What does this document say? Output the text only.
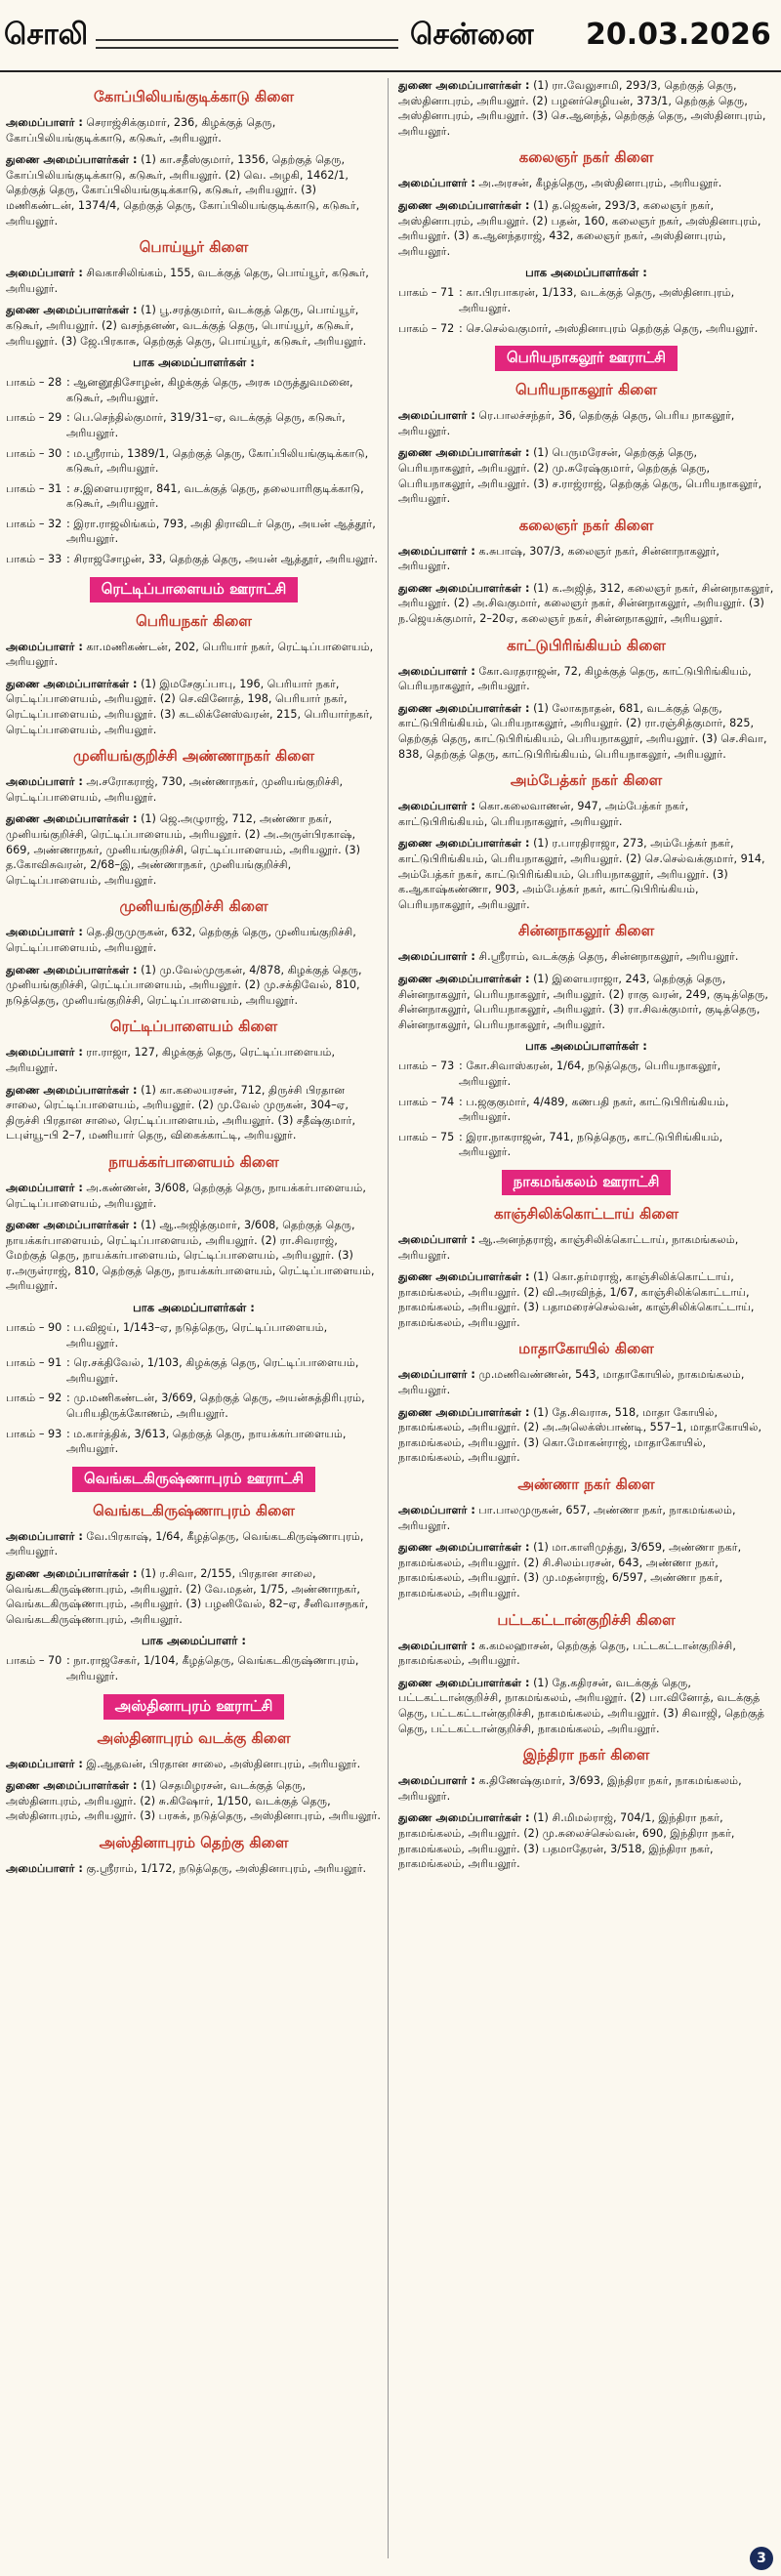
சொலி	சென்னை 20.03.2026
கோப்பிலியங்குடிக்காடு கிளை

அமைப்பாளர் : செராஜ்சிக்குமார், 236, கிழக்குத் தெரு, கோப்பிலியங்குடிக்காடு, கடுகூர், அரியலூர்.

துணை அமைப்பாளர்கள் : (1) கா.சதீஸ்குமார், 1356, தெற்குத் தெரு, கோப்பிலியங்குடிக்காடு, கடுகூர், அரியலூர். (2) வெ. அழகி, 1462/1, தெற்குத் தெரு, கோப்பிலியங்குடிக்காடு, கடுகூர், அரியலூர். (3) மணிகண்டன், 1374/4, தெற்குத் தெரு, கோப்பிலியங்குடிக்காடு, கடுகூர், அரியலூர்.

பொய்யூர் கிளை

அமைப்பாளர் : சிவகாசிலிங்கம், 155, வடக்குத் தெரு, பொய்யூர், கடுகூர், அரியலூர்.

துணை அமைப்பாளர்கள் : (1) பூ.சரத்குமார், வடக்குத் தெரு, பொய்யூர், கடுகூர், அரியலூர். (2) வசந்தனண், வடக்குத் தெரு, பொய்யூர், கடுகூர், அரியலூர். (3) ஜே.பிரகாசு, தெற்குத் தெரு, பொய்யூர், கடுகூர், அரியலூர்.

பாக அமைப்பாளர்கள் :
பாகம் – 28 : ஆனனூதிசோழன், கிழக்குத் தெரு, அரசு மருத்துவமனை, கடுகூர், அரியலூர்.
பாகம் – 29 : பெ.செந்தில்குமார், 319/31–ஏ, வடக்குத் தெரு, கடுகூர், அரியலூர்.
பாகம் – 30 : ம.ஸ்ரீராம், 1389/1, தெற்குத் தெரு, கோப்பிலியங்குடிக்காடு, கடுகூர், அரியலூர்.
பாகம் – 31 : ச.இளையராஜா, 841, வடக்குத் தெரு, தலையாரிகுடிக்காடு, கடுகூர், அரியலூர்.
பாகம் – 32 : இரா.ராஜலிங்கம், 793, அதி திராவிடர் தெரு, அயன் ஆத்தூர், அரியலூர்.
பாகம் – 33 : சிராஜசோழன், 33, தெற்குத் தெரு, அயன் ஆத்தூர், அரியலூர்.
ரெட்டிப்பாளையம் ஊராட்சி
பெரியநகர் கிளை

அமைப்பாளர் : கா.மணிகண்டன், 202, பெரியார் நகர், ரெட்டிப்பாளையம், அரியலூர்.

துணை அமைப்பாளர்கள் : (1) இமசேகுப்பாபு, 196, பெரியார் நகர், ரெட்டிப்பாளையம், அரியலூர். (2) செ.வினோத், 198, பெரியார் நகர், ரெட்டிப்பாளையம், அரியலூர். (3) கடலிக்னேஸ்வரன், 215, பெரியார்நகர், ரெட்டிப்பாளையம், அரியலூர்.

முனியங்குறிச்சி அண்ணாநகர் கிளை

அமைப்பாளர் : அ.சரோகராஜ், 730, அண்ணாநகர், முனியங்குறிச்சி, ரெட்டிப்பாளையம், அரியலூர்.

துணை அமைப்பாளர்கள் : (1) ஜெ.அழுராஜ், 712, அண்ணா நகர், முனியங்குறிச்சி, ரெட்டிப்பாளையம், அரியலூர். (2) அ.அருள்பிரகாஷ், 669, அண்ணாநகர், முனியங்குறிச்சி, ரெட்டிப்பாளையம், அரியலூர். (3) த.கோவிசுவரன், 2/68–இ, அண்ணாநகர், முனியங்குறிச்சி, ரெட்டிப்பாளையம், அரியலூர்.

முனியங்குறிச்சி கிளை

அமைப்பாளர் : தெ.திருமுருகன், 632, தெற்குத் தெரு, முனியங்குறிச்சி, ரெட்டிப்பாளையம், அரியலூர்.

துணை அமைப்பாளர்கள் : (1) மு.வேல்முருகன், 4/878, கிழக்குத் தெரு, முனியங்குறிச்சி, ரெட்டிப்பாளையம், அரியலூர். (2) மு.சக்திவேல், 810, நடுத்தெரு, முனியங்குறிச்சி, ரெட்டிப்பாளையம், அரியலூர்.

ரெட்டிப்பாளையம் கிளை

அமைப்பாளர் : ரா.ராஜா, 127, கிழக்குத் தெரு, ரெட்டிப்பாளையம், அரியலூர்.

துணை அமைப்பாளர்கள் : (1) கா.கலையரசன், 712, திருச்சி பிரதான சாலை, ரெட்டிப்பாளையம், அரியலூர். (2) மு.வேல் முருகன், 304–ஏ, திருச்சி பிரதான சாலை, ரெட்டிப்பாளையம், அரியலூர். (3) சதீஷ்குமார், டபுள்யூ–பி 2–7, மணியார் தெரு, விகைக்காட்டி, அரியலூர்.

நாயக்கர்பாளையம் கிளை

அமைப்பாளர் : அ.கண்ணன், 3/608, தெற்குத் தெரு, நாயக்கர்பாளையம், ரெட்டிப்பாளையம், அரியலூர்.

துணை அமைப்பாளர்கள் : (1) ஆ.அஜித்குமார், 3/608, தெற்குத் தெரு, நாயக்கர்பாளையம், ரெட்டிப்பாளையம், அரியலூர். (2) ரா.சிவராஜ், மேற்குத் தெரு, நாயக்கர்பாளையம், ரெட்டிப்பாளையம், அரியலூர். (3) ர.அருள்ராஜ், 810, தெற்குத் தெரு, நாயக்கர்பாளையம், ரெட்டிப்பாளையம், அரியலூர்.

பாக அமைப்பாளர்கள் :
பாகம் – 90 : ப.விஜய், 1/143–ஏ, நடுத்தெரு, ரெட்டிப்பாளையம், அரியலூர்.
பாகம் – 91 : ரெ.சக்திவேல், 1/103, கிழக்குத் தெரு, ரெட்டிப்பாளையம், அரியலூர்.
பாகம் – 92 : மு.மணிகண்டன், 3/669, தெற்குத் தெரு, அயன்சுத்திரிபுரம், பெரியதிருக்கோணம், அரியலூர்.
பாகம் – 93 : ம.கார்த்திக், 3/613, தெற்குத் தெரு, நாயக்கர்பாளையம், அரியலூர்.
வெங்கடகிருஷ்ணாபுரம் ஊராட்சி
வெங்கடகிருஷ்ணாபுரம் கிளை

அமைப்பாளர் : வே.பிரகாஷ், 1/64, கீழத்தெரு, வெங்கடகிருஷ்ணாபுரம், அரியலூர்.

துணை அமைப்பாளர்கள் : (1) ர.சிவா, 2/155, பிரதான சாலை, வெங்கடகிருஷ்ணாபுரம், அரியலூர். (2) வே.மதன், 1/75, அண்ணாநகர், வெங்கடகிருஷ்ணாபுரம், அரியலூர். (3) பழனிவேல், 82–ஏ, சீனிவாசநகர், வெங்கடகிருஷ்ணாபுரம், அரியலூர்.

பாக அமைப்பாளர் :
பாகம் – 70 : நா.ராஜசேகர், 1/104, கீழத்தெரு, வெங்கடகிருஷ்ணாபுரம், அரியலூர்.
அஸ்தினாபுரம் ஊராட்சி
அஸ்தினாபுரம் வடக்கு கிளை

அமைப்பாளர் : இ.ஆதவன், பிரதான சாலை, அஸ்தினாபுரம், அரியலூர்.

துணை அமைப்பாளர்கள் : (1) செதமிழரசன், வடக்குத் தெரு, அஸ்தினாபுரம், அரியலூர். (2) சு.கிஷோர், 1/150, வடக்குத் தெரு, அஸ்தினாபுரம், அரியலூர். (3) பரசுக், நடுத்தெரு, அஸ்தினாபுரம், அரியலூர்.

அஸ்தினாபுரம் தெற்கு கிளை

அமைப்பாளர் : கு.ஸ்ரீராம், 1/172, நடுத்தெரு, அஸ்தினாபுரம், அரியலூர்.

துணை அமைப்பாளர்கள் : (1) ரா.வேலுசாமி, 293/3, தெற்குத் தெரு, அஸ்தினாபுரம், அரியலூர். (2) பழனர்செழியன், 373/1, தெற்குத் தெரு, அஸ்தினாபுரம், அரியலூர். (3) செ.ஆனந்த், தெற்குத் தெரு, அஸ்தினாபுரம், அரியலூர்.

கலைஞர் நகர் கிளை

அமைப்பாளர் : அ.அரசன், கீழத்தெரு, அஸ்தினாபுரம், அரியலூர்.

துணை அமைப்பாளர்கள் : (1) த.ஜெகன், 293/3, கலைஞர் நகர், அஸ்தினாபுரம், அரியலூர். (2) பதன், 160, கலைஞர் நகர், அஸ்தினாபுரம், அரியலூர். (3) க.ஆனந்தராஜ், 432, கலைஞர் நகர், அஸ்தினாபுரம், அரியலூர்.

பாக அமைப்பாளர்கள் :
பாகம் – 71 : கா.பிரபாகரன், 1/133, வடக்குத் தெரு, அஸ்தினாபுரம், அரியலூர்.
பாகம் – 72 : செ.செல்வகுமார், அஸ்தினாபுரம் தெற்குத் தெரு, அரியலூர்.
பெரியநாகலூர் ஊராட்சி
பெரியநாகலூர் கிளை

அமைப்பாளர் : ரெ.பாலச்சந்தர், 36, தெற்குத் தெரு, பெரிய நாகலூர், அரியலூர்.

துணை அமைப்பாளர்கள் : (1) பெருமரேசன், தெற்குத் தெரு, பெரியநாகலூர், அரியலூர். (2) மு.சுரேஷ்குமார், தெற்குத் தெரு, பெரியநாகலூர், அரியலூர். (3) ச.ராஜ்ராஜ், தெற்குத் தெரு, பெரியநாகலூர், அரியலூர்.

கலைஞர் நகர் கிளை

அமைப்பாளர் : க.சுபாஷ், 307/3, கலைஞர் நகர், சின்னாநாகலூர், அரியலூர்.

துணை அமைப்பாளர்கள் : (1) க.அஜித், 312, கலைஞர் நகர், சின்னநாகலூர், அரியலூர். (2) அ.சிவகுமார், கலைஞர் நகர், சின்னநாகலூர், அரியலூர். (3) ந.ஜெயக்குமார், 2–20ஏ, கலைஞர் நகர், சின்னநாகலூர், அரியலூர்.

காட்டுபிரிங்கியம் கிளை

அமைப்பாளர் : கோ.வரதராஜன், 72, கிழக்குத் தெரு, காட்டுபிரிங்கியம், பெரியநாகலூர், அரியலூர்.

துணை அமைப்பாளர்கள் : (1) லோகநாதன், 681, வடக்குத் தெரு, காட்டுபிரிங்கியம், பெரியநாகலூர், அரியலூர். (2) ரா.ரஞ்சித்குமார், 825, தெற்குத் தெரு, காட்டுபிரிங்கியம், பெரியநாகலூர், அரியலூர். (3) செ.சிவா, 838, தெற்குத் தெரு, காட்டுபிரிங்கியம், பெரியநாகலூர், அரியலூர்.

அம்பேத்கர் நகர் கிளை

அமைப்பாளர் : கொ.கலைவாணன், 947, அம்பேத்கர் நகர், காட்டுபிரிங்கியம், பெரியநாகலூர், அரியலூர்.

துணை அமைப்பாளர்கள் : (1) ர.பாரதிராஜா, 273, அம்பேத்கர் நகர், காட்டுபிரிங்கியம், பெரியநாகலூர், அரியலூர். (2) செ.செல்வக்குமார், 914, அம்பேத்கர் நகர், காட்டுபிரிங்கியம், பெரியநாகலூர், அரியலூர். (3) க.ஆகாஷ்கண்ணா, 903, அம்பேத்கர் நகர், காட்டுபிரிங்கியம், பெரியநாகலூர், அரியலூர்.

சின்னநாகலூர் கிளை

அமைப்பாளர் : சி.ஸ்ரீராம், வடக்குத் தெரு, சின்னநாகலூர், அரியலூர்.

துணை அமைப்பாளர்கள் : (1) இளையராஜா, 243, தெற்குத் தெரு, சின்னநாகலூர், பெரியநாகலூர், அரியலூர். (2) ராகு வரன், 249, குடித்தெரு, சின்னநாகலூர், பெரியநாகலூர், அரியலூர். (3) ரா.சிவக்குமார், குடித்தெரு, சின்னநாகலூர், பெரியநாகலூர், அரியலூர்.

பாக அமைப்பாளர்கள் :
பாகம் – 73 : கோ.சிவாஸ்கரன், 1/64, நடுத்தெரு, பெரியநாகலூர், அரியலூர்.
பாகம் – 74 : ப.ஜகுகுமார், 4/489, கணபதி நகர், காட்டுபிரிங்கியம், அரியலூர்.
பாகம் – 75 : இரா.நாகராஜன், 741, நடுத்தெரு, காட்டுபிரிங்கியம், அரியலூர்.
நாகமங்கலம் ஊராட்சி
காஞ்சிலிக்கொட்டாய் கிளை

அமைப்பாளர் : ஆ.அனந்தராஜ், காஞ்சிலிக்கொட்டாய், நாகமங்கலம், அரியலூர்.

துணை அமைப்பாளர்கள் : (1) கொ.தர்மராஜ், காஞ்சிலிக்கொட்டாய், நாகமங்கலம், அரியலூர். (2) வி.அரவிந்த், 1/67, காஞ்சிலிக்கொட்டாய், நாகமங்கலம், அரியலூர். (3) பதாமரைச்செல்வன், காஞ்சிலிக்கொட்டாய், நாகமங்கலம், அரியலூர்.

மாதாகோயில் கிளை

அமைப்பாளர் : மு.மணிவண்ணன், 543, மாதாகோயில், நாகமங்கலம், அரியலூர்.

துணை அமைப்பாளர்கள் : (1) தே.சிவராசு, 518, மாதா கோயில், நாகமங்கலம், அரியலூர். (2) அ.அலெக்ஸ்பாண்டி, 557–1, மாதாகோயில், நாகமங்கலம், அரியலூர். (3) கொ.மோகன்ராஜ், மாதாகோயில், நாகமங்கலம், அரியலூர்.

அண்ணா நகர் கிளை

அமைப்பாளர் : பா.பாலமுருகன், 657, அண்ணா நகர், நாகமங்கலம், அரியலூர்.

துணை அமைப்பாளர்கள் : (1) மா.காளிமுத்து, 3/659, அண்ணா நகர், நாகமங்கலம், அரியலூர். (2) சி.சிலம்பரசன், 643, அண்ணா நகர், நாகமங்கலம், அரியலூர். (3) மு.மதன்ராஜ், 6/597, அண்ணா நகர், நாகமங்கலம், அரியலூர்.

பட்டகட்டான்குறிச்சி கிளை

அமைப்பாளர் : க.கமலஹாசன், தெற்குத் தெரு, பட்டகட்டான்குறிச்சி, நாகமங்கலம், அரியலூர்.

துணை அமைப்பாளர்கள் : (1) தே.கதிரசன், வடக்குத் தெரு, பட்டகட்டான்குறிச்சி, நாகமங்கலம், அரியலூர். (2) பா.வினோத், வடக்குத் தெரு, பட்டகட்டான்குறிச்சி, நாகமங்கலம், அரியலூர். (3) சிவாஜி, தெற்குத் தெரு, பட்டகட்டான்குறிச்சி, நாகமங்கலம், அரியலூர்.

இந்திரா நகர் கிளை

அமைப்பாளர் : க.திணேஷ்குமார், 3/693, இந்திரா நகர், நாகமங்கலம், அரியலூர்.

துணை அமைப்பாளர்கள் : (1) சி.மிமல்ராஜ், 704/1, இந்திரா நகர், நாகமங்கலம், அரியலூர். (2) மு.சுலைச்செல்வன், 690, இந்திரா நகர், நாகமங்கலம், அரியலூர். (3) பதமாதேரன், 3/518, இந்திரா நகர், நாகமங்கலம், அரியலூர்.

3
